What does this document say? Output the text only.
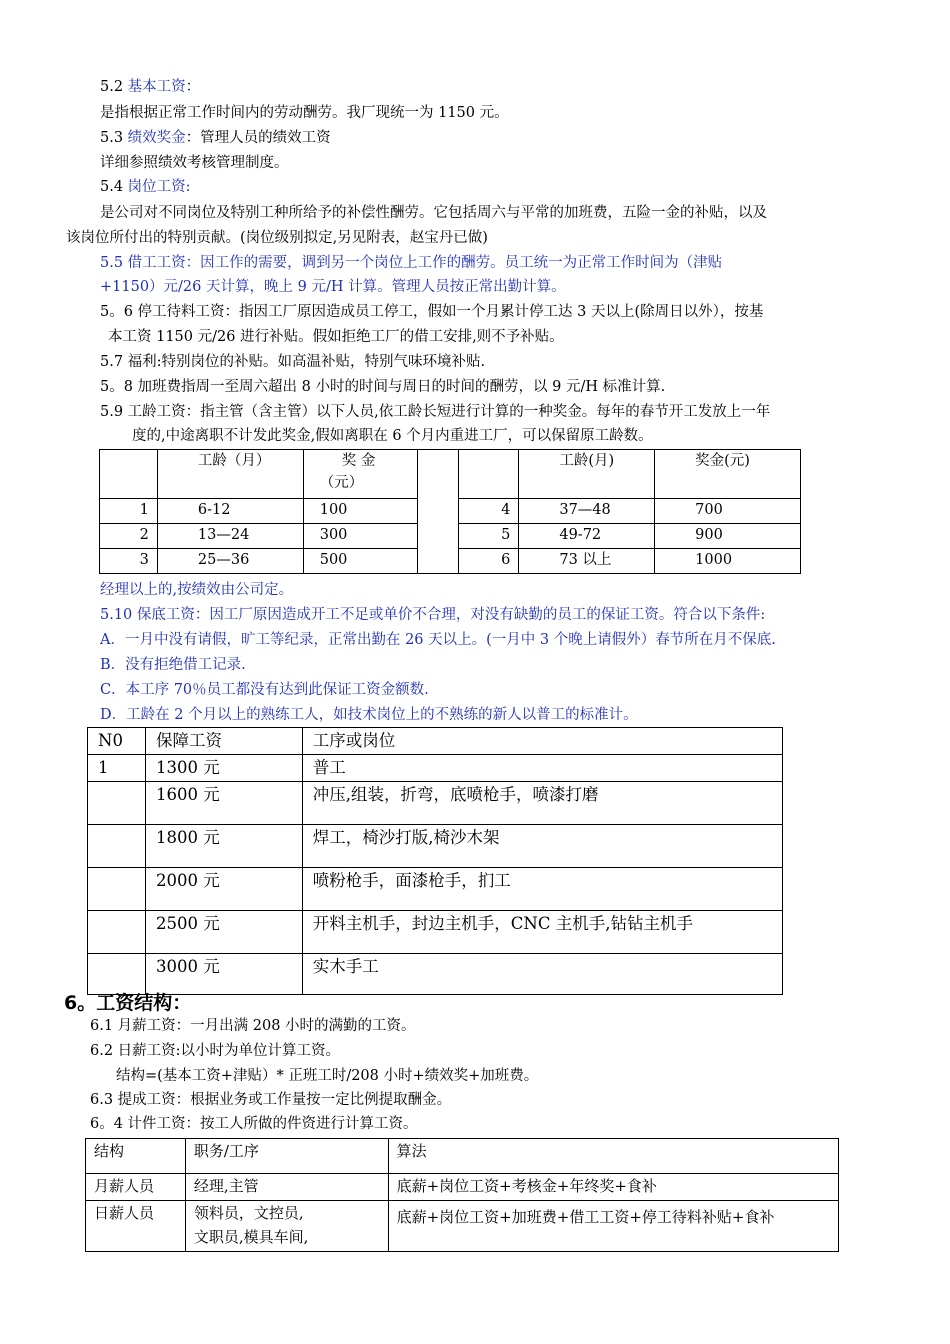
5.2 基本工资：
是指根据正常工作时间内的劳动酬劳。我厂现统一为 1150 元。
5.3 绩效奖金：管理人员的绩效工资
详细参照绩效考核管理制度。
5.4 岗位工资:
是公司对不同岗位及特别工种所给予的补偿性酬劳。它包括周六与平常的加班费，五险一金的补贴，以及
该岗位所付出的特别贡献。(岗位级别拟定,另见附表，赵宝丹已做)
5.5 借工工资：因工作的需要，调到另一个岗位上工作的酬劳。员工统一为正常工作时间为（津贴
+1150）元/26 天计算，晚上 9 元/H 计算。管理人员按正常出勤计算。
5。6 停工待料工资：指因工厂原因造成员工停工，假如一个月累计停工达 3 天以上(除周日以外），按基
本工资 1150 元/26 进行补贴。假如拒绝工厂的借工安排,则不予补贴。
5.7 福利:特别岗位的补贴。如高温补贴，特别气味环境补贴.
5。8 加班费指周一至周六超出 8 小时的时间与周日的时间的酬劳，以 9 元/H 标准计算.
5.9 工龄工资：指主管（含主管）以下人员,依工龄长短进行计算的一种奖金。每年的春节开工发放上一年
度的,中途离职不计发此奖金,假如离职在 6 个月内重进工厂，可以保留原工龄数。
	工龄（月）	奖 金
（元）			工龄(月)	奖金(元)
1	6-12	100		4	37—48	700
2	13—24	300		5	49-72	900
3	25—36	500		6	73 以上	1000
经理以上的,按绩效由公司定。
5.10 保底工资：因工厂原因造成开工不足或单价不合理，对没有缺勤的员工的保证工资。符合以下条件:
A．一月中没有请假，旷工等纪录，正常出勤在 26 天以上。(一月中 3 个晚上请假外）春节所在月不保底.
B．没有拒绝借工记录.
C．本工序 70％员工都没有达到此保证工资金额数.
D．工龄在 2 个月以上的熟练工人，如技术岗位上的不熟练的新人以普工的标准计。
N0	保障工资	工序或岗位
1	1300 元	普工
	1600 元	冲压,组装，折弯，底喷枪手，喷漆打磨
	1800 元	焊工，椅沙打版,椅沙木架
	2000 元	喷粉枪手，面漆枪手，扪工
	2500 元	开料主机手，封边主机手，CNC 主机手,钻钻主机手
	3000 元	实木手工
6。工资结构：
6.1 月薪工资：一月出满 208 小时的满勤的工资。
6.2 日薪工资:以小时为单位计算工资。
结构=(基本工资+津贴）* 正班工时/208 小时+绩效奖+加班费。
6.3 提成工资：根据业务或工作量按一定比例提取酬金。
6。4 计件工资：按工人所做的件资进行计算工资。
结构	职务/工序	算法
月薪人员	经理,主管	底薪+岗位工资+考核金+年终奖+食补
日薪人员	领料员，文控员,
文职员,模具车间,	底薪+岗位工资+加班费+借工工资+停工待料补贴+食补
